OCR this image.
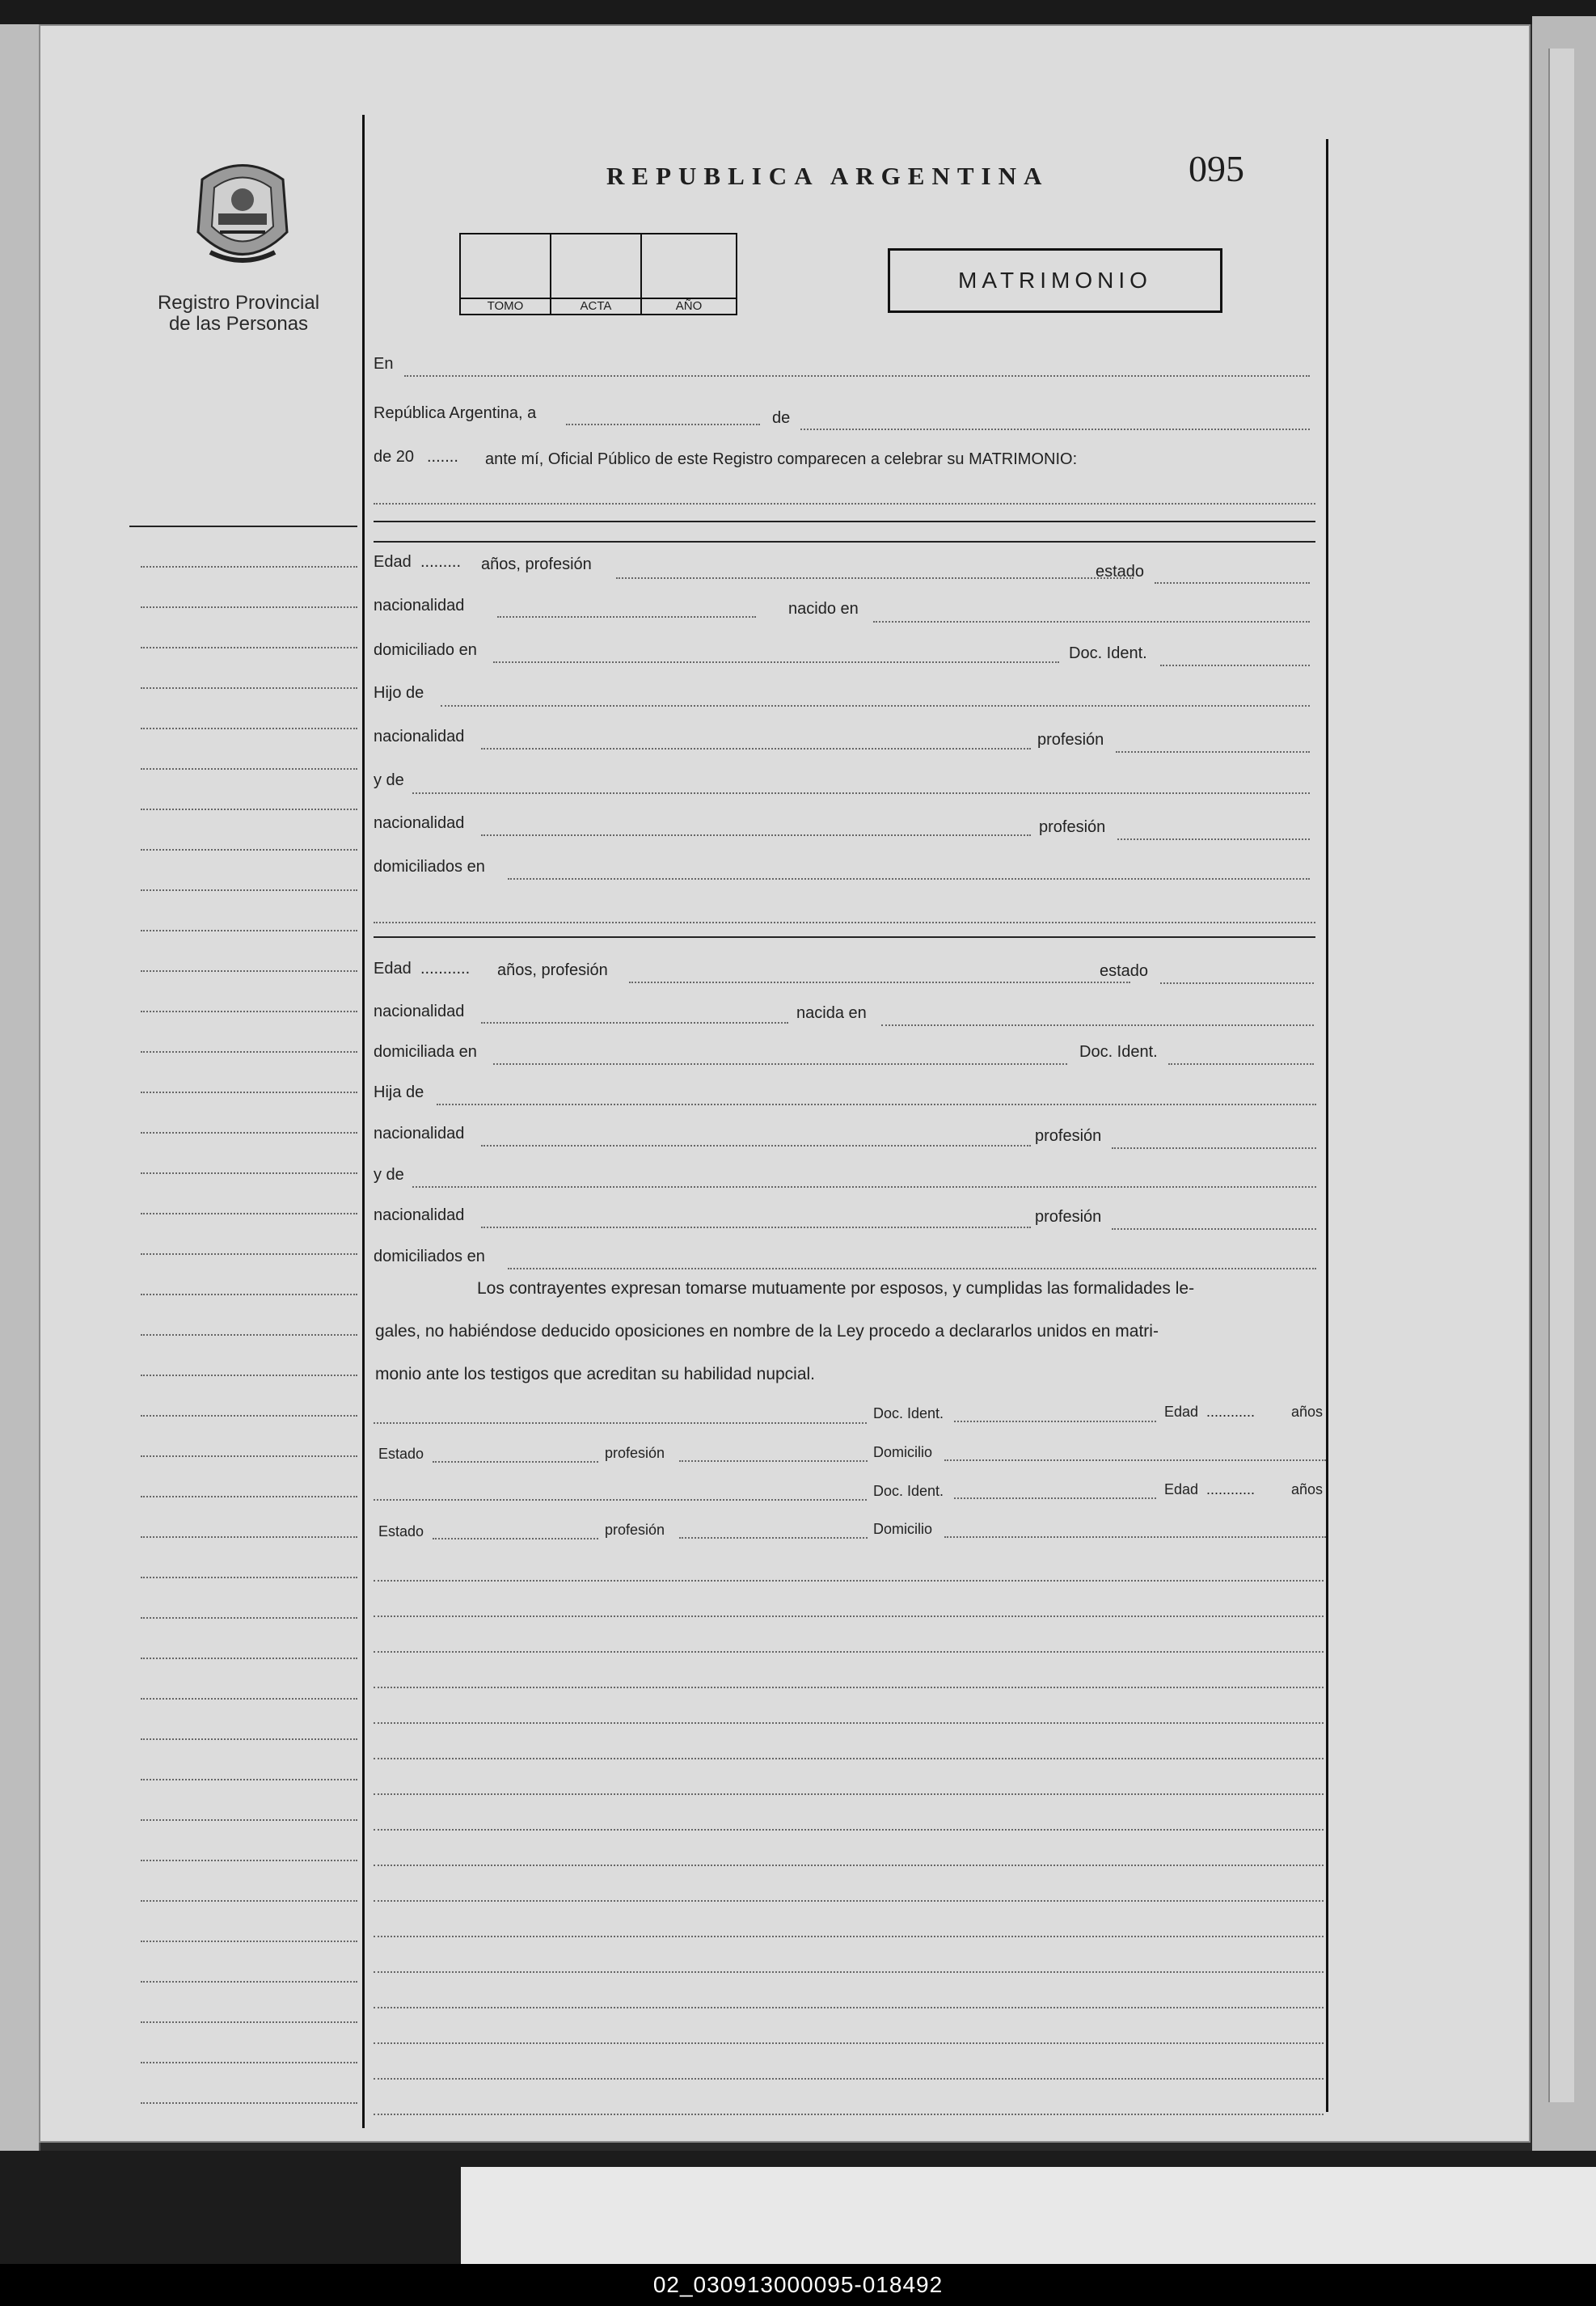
Registro Provincial
de las Personas
REPUBLICA ARGENTINA	095
TOMO	ACTA	AÑO
MATRIMONIO
En
República Argentina, a	de
de 20 ....... ante mí, Oficial Público de este Registro comparecen a celebrar su MATRIMONIO:
Edad ......... años, profesión	estado
nacionalidad	nacido en
domiciliado en	Doc. Ident.
Hijo de
nacionalidad	profesión
y de
nacionalidad	profesión
domiciliados en
Edad ........... años, profesión	estado
nacionalidad	nacida en
domiciliada en	Doc. Ident.
Hija de
nacionalidad	profesión
y de
nacionalidad	profesión
domiciliados en
Los contrayentes expresan tomarse mutuamente por esposos, y cumplidas las formalidades le-
gales, no habiéndose deducido oposiciones en nombre de la Ley procedo a declararlos unidos en matri-
monio ante los testigos que acreditan su habilidad nupcial.
Doc. Ident.	Edad ............ años
Estado	profesión	Domicilio
Doc. Ident.	Edad ............ años
Estado	profesión	Domicilio
02_030913000095-018492
